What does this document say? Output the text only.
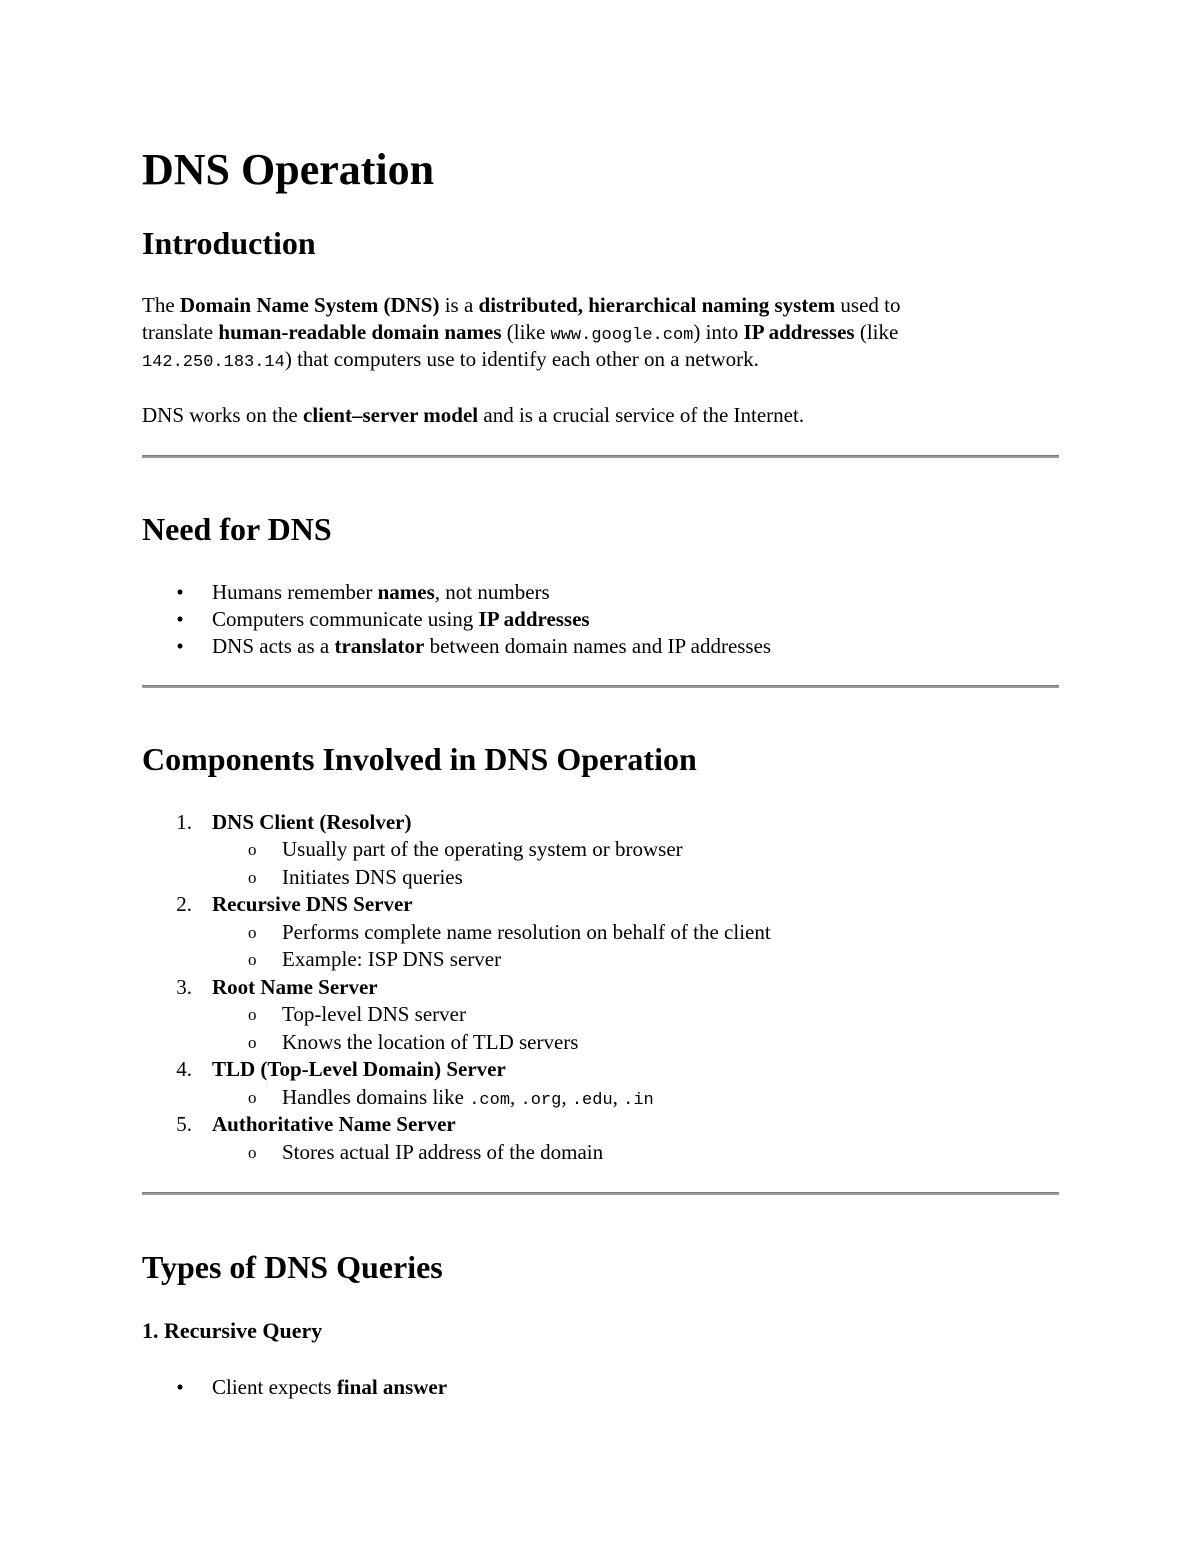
DNS Operation
Introduction
The Domain Name System (DNS) is a distributed, hierarchical naming system used to
translate human-readable domain names (like www.google.com) into IP addresses (like
142.250.183.14) that computers use to identify each other on a network.
DNS works on the client–server model and is a crucial service of the Internet.
Need for DNS
• Humans remember names, not numbers
• Computers communicate using IP addresses
• DNS acts as a translator between domain names and IP addresses
Components Involved in DNS Operation
1. DNS Client (Resolver)
o Usually part of the operating system or browser
o Initiates DNS queries
2. Recursive DNS Server
o Performs complete name resolution on behalf of the client
o Example: ISP DNS server
3. Root Name Server
o Top-level DNS server
o Knows the location of TLD servers
4. TLD (Top-Level Domain) Server
o Handles domains like .com, .org, .edu, .in
5. Authoritative Name Server
o Stores actual IP address of the domain
Types of DNS Queries
1. Recursive Query
• Client expects final answer
